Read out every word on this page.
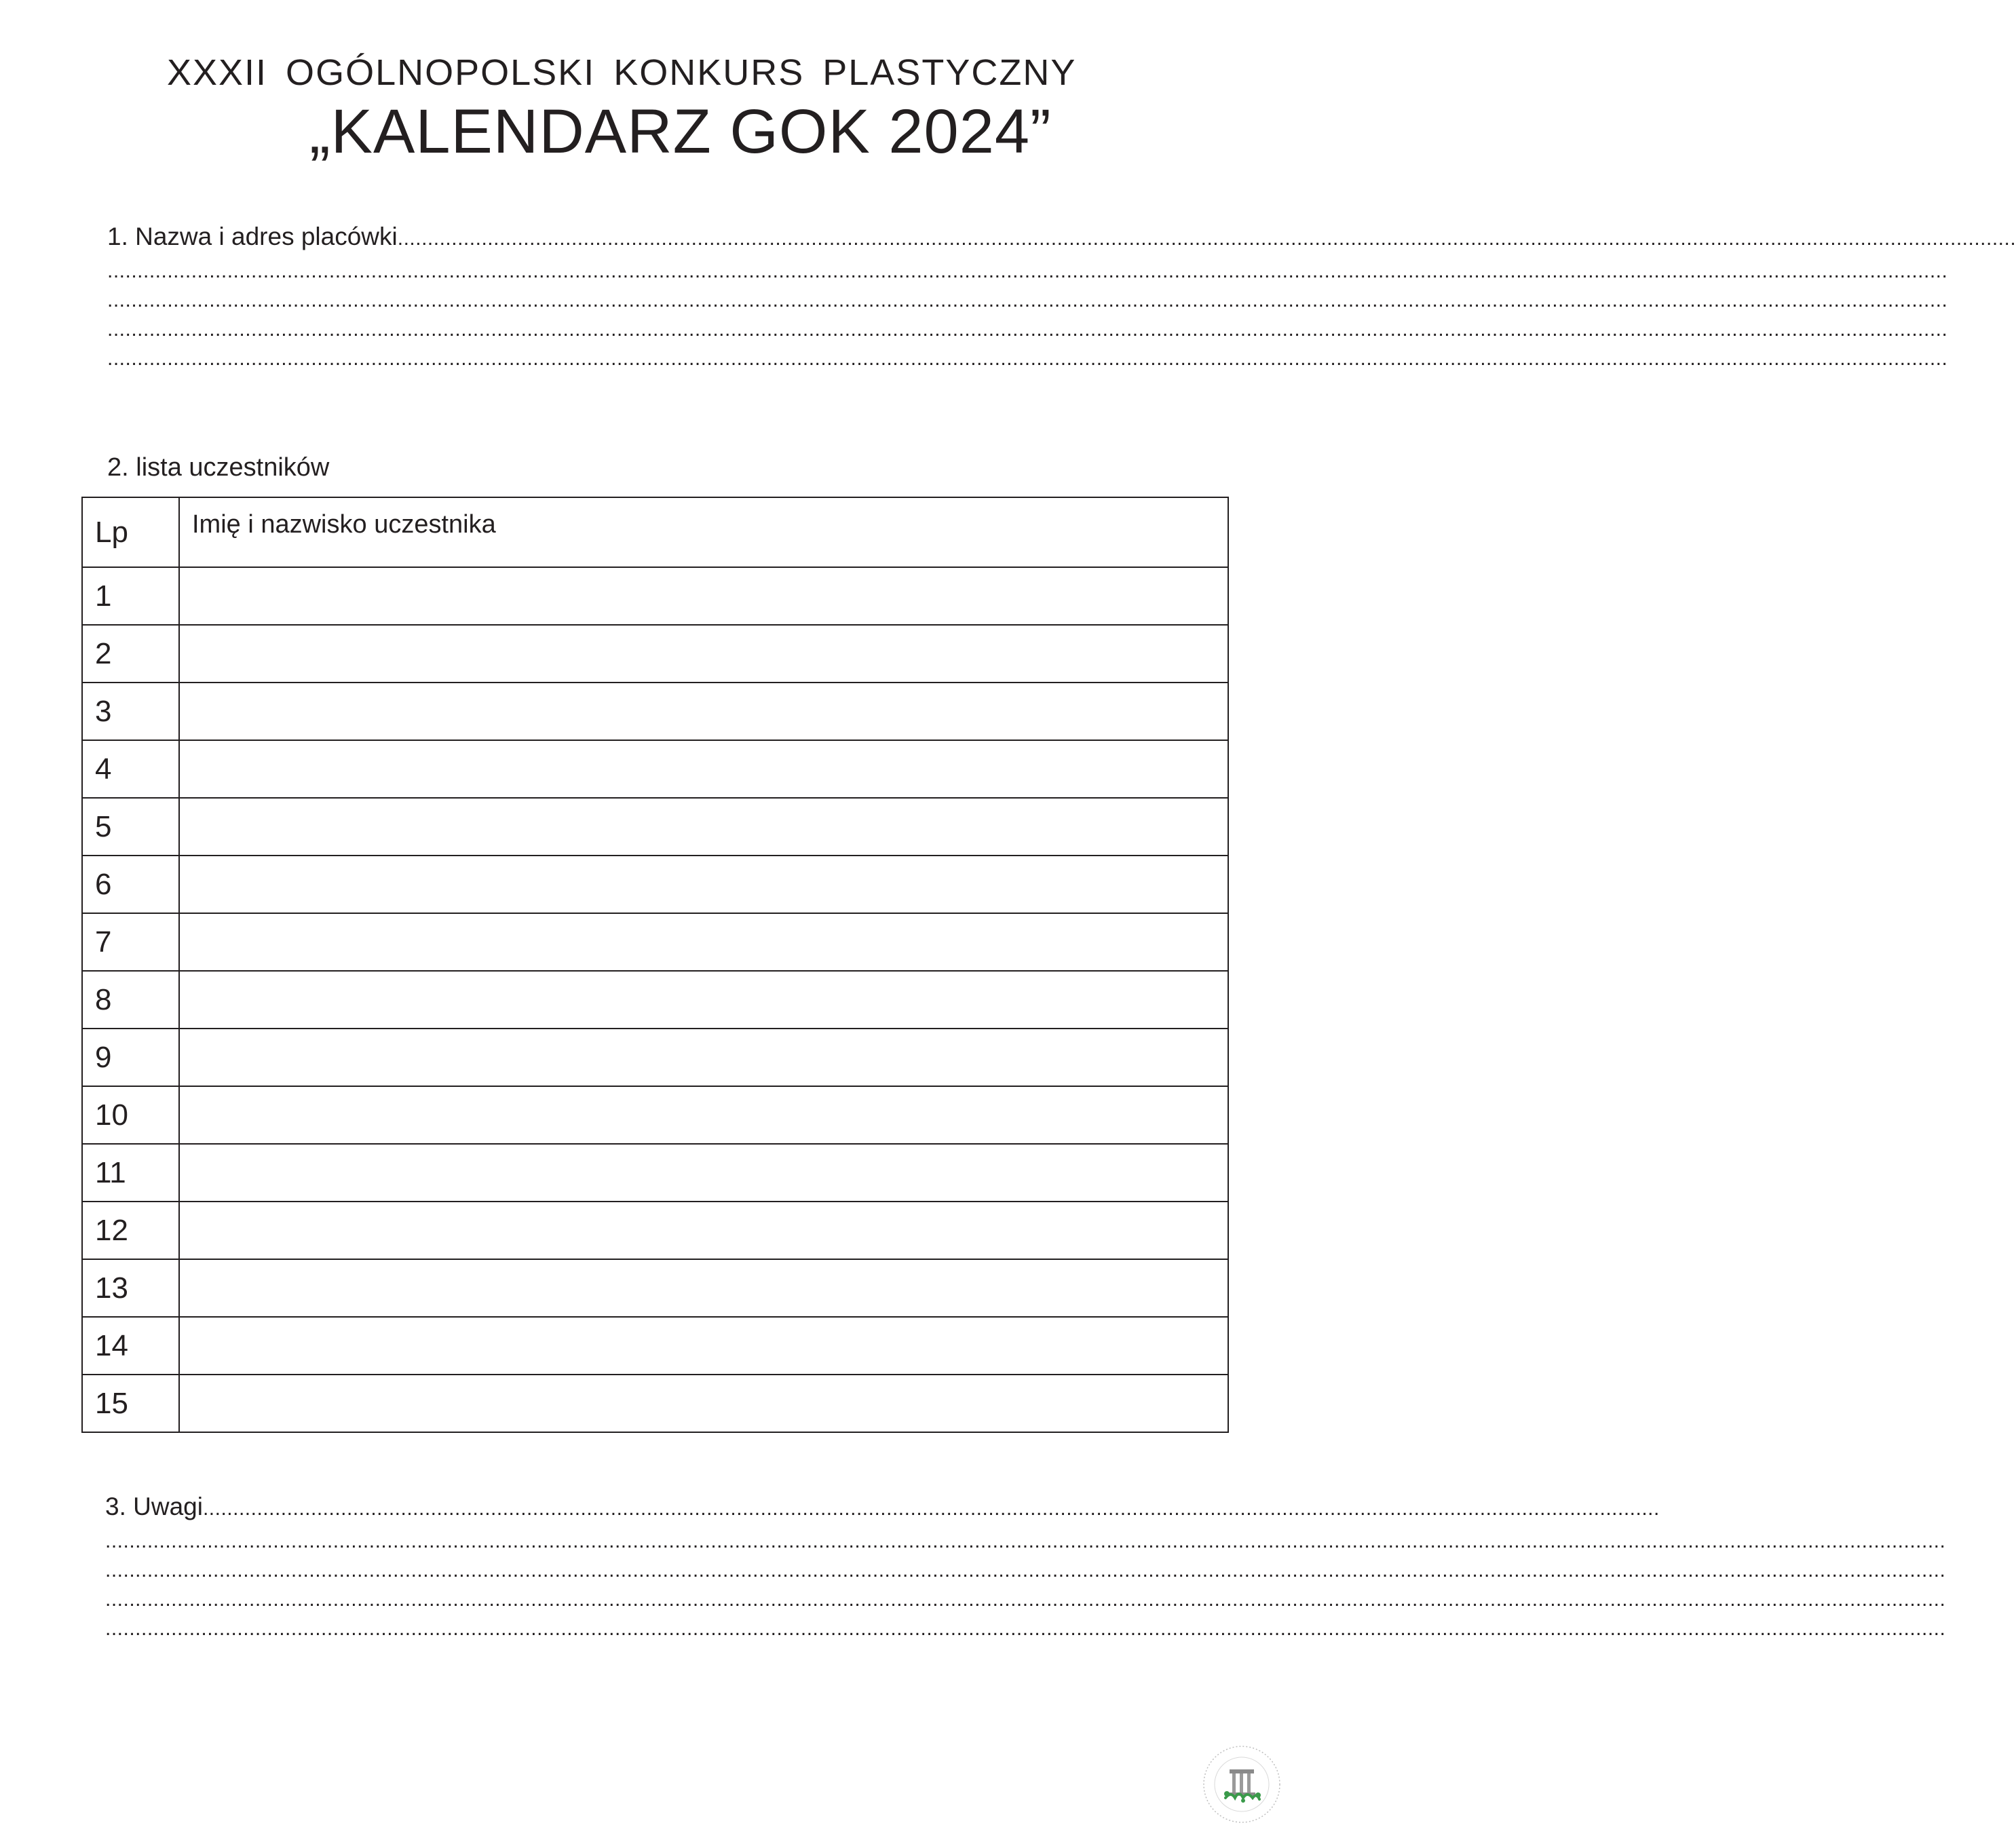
XXXII OGÓLNOPOLSKI KONKURS PLASTYCZNY
„KALENDARZ GOK 2024”
1. Nazwa i adres placówki ..............................................................................................................................................................................................................................................................................
...................................................................................................................................................................................................................................................................................................................
...................................................................................................................................................................................................................................................................................................................
...................................................................................................................................................................................................................................................................................................................
...................................................................................................................................................................................................................................................................................................................
2. lista uczestników
Lp	Imię i nazwisko uczestnika
1	
2	
3	
4	
5	
6	
7	
8	
9	
10	
11	
12	
13	
14	
15	
3. Uwagi ...................................................................................................................................................................................................................................................
...................................................................................................................................................................................................................................................................................................................
...................................................................................................................................................................................................................................................................................................................
...................................................................................................................................................................................................................................................................................................................
...................................................................................................................................................................................................................................................................................................................
